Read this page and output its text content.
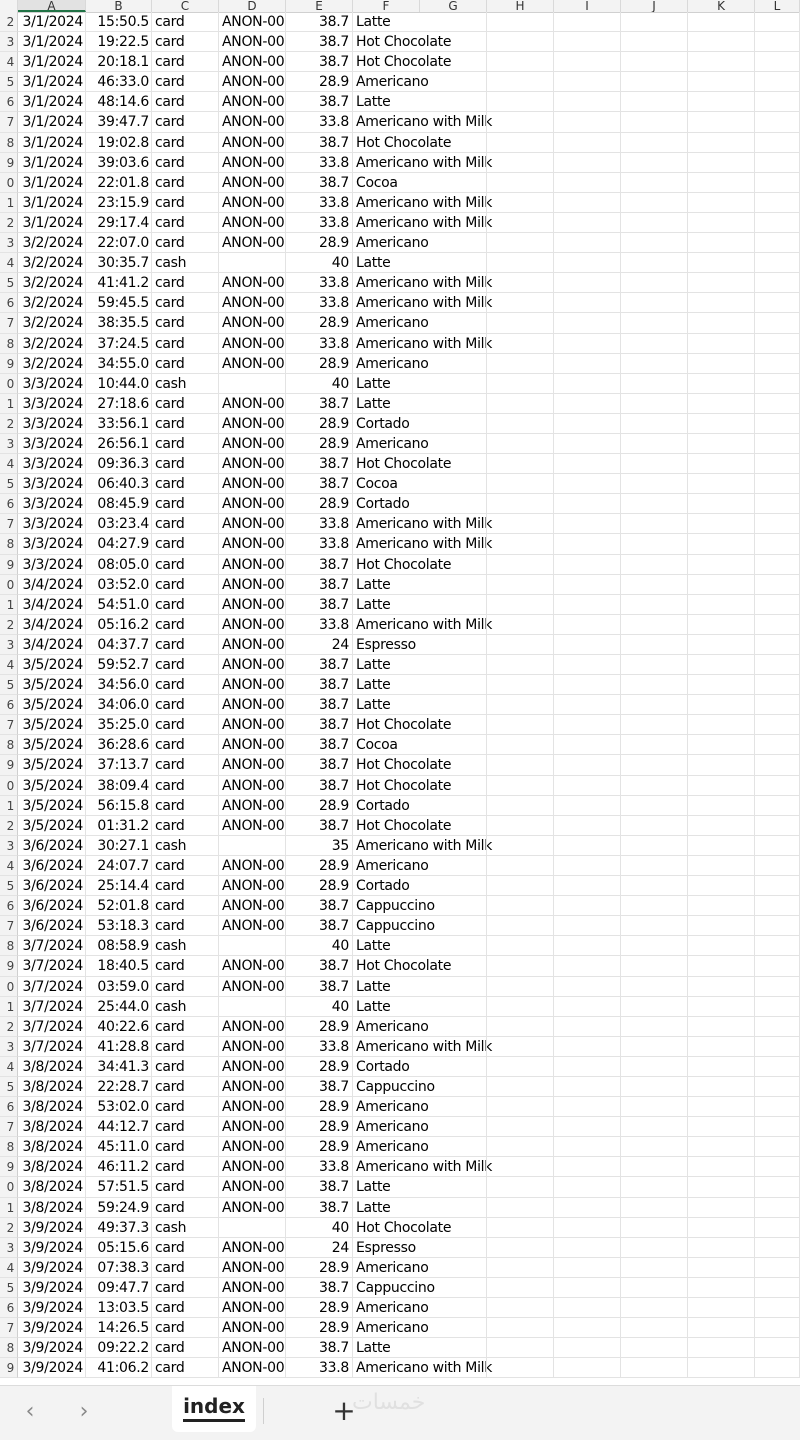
A	B	C	D	E	F	G	H	I	J	K	L
2 3/1/2024	15:50.5 card	ANON-00	38.7 Latte
3 3/1/2024	19:22.5 card	ANON-00	38.7 Hot Chocolate
4 3/1/2024	20:18.1 card	ANON-00	38.7 Hot Chocolate
5 3/1/2024	46:33.0 card	ANON-00	28.9 Americano
6 3/1/2024	48:14.6 card	ANON-00	38.7 Latte
7 3/1/2024	39:47.7 card	ANON-00	33.8 Americano with Milk
8 3/1/2024	19:02.8 card	ANON-00	38.7 Hot Chocolate
9 3/1/2024	39:03.6 card	ANON-00	33.8 Americano with Milk
0 3/1/2024	22:01.8 card	ANON-00	38.7 Cocoa
1 3/1/2024	23:15.9 card	ANON-00	33.8 Americano with Milk
2 3/1/2024	29:17.4 card	ANON-00	33.8 Americano with Milk
3 3/2/2024	22:07.0 card	ANON-00	28.9 Americano
4 3/2/2024	30:35.7 cash	40 Latte
5 3/2/2024	41:41.2 card	ANON-00	33.8 Americano with Milk
6 3/2/2024	59:45.5 card	ANON-00	33.8 Americano with Milk
7 3/2/2024	38:35.5 card	ANON-00	28.9 Americano
8 3/2/2024	37:24.5 card	ANON-00	33.8 Americano with Milk
9 3/2/2024	34:55.0 card	ANON-00	28.9 Americano
0 3/3/2024	10:44.0 cash	40 Latte
1 3/3/2024	27:18.6 card	ANON-00	38.7 Latte
2 3/3/2024	33:56.1 card	ANON-00	28.9 Cortado
3 3/3/2024	26:56.1 card	ANON-00	28.9 Americano
4 3/3/2024	09:36.3 card	ANON-00	38.7 Hot Chocolate
5 3/3/2024	06:40.3 card	ANON-00	38.7 Cocoa
6 3/3/2024	08:45.9 card	ANON-00	28.9 Cortado
7 3/3/2024	03:23.4 card	ANON-00	33.8 Americano with Milk
8 3/3/2024	04:27.9 card	ANON-00	33.8 Americano with Milk
9 3/3/2024	08:05.0 card	ANON-00	38.7 Hot Chocolate
0 3/4/2024	03:52.0 card	ANON-00	38.7 Latte
1 3/4/2024	54:51.0 card	ANON-00	38.7 Latte
2 3/4/2024	05:16.2 card	ANON-00	33.8 Americano with Milk
3 3/4/2024	04:37.7 card	ANON-00	24 Espresso
4 3/5/2024	59:52.7 card	ANON-00	38.7 Latte
5 3/5/2024	34:56.0 card	ANON-00	38.7 Latte
6 3/5/2024	34:06.0 card	ANON-00	38.7 Latte
7 3/5/2024	35:25.0 card	ANON-00	38.7 Hot Chocolate
8 3/5/2024	36:28.6 card	ANON-00	38.7 Cocoa
9 3/5/2024	37:13.7 card	ANON-00	38.7 Hot Chocolate
0 3/5/2024	38:09.4 card	ANON-00	38.7 Hot Chocolate
1 3/5/2024	56:15.8 card	ANON-00	28.9 Cortado
2 3/5/2024	01:31.2 card	ANON-00	38.7 Hot Chocolate
3 3/6/2024	30:27.1 cash	35 Americano with Milk
4 3/6/2024	24:07.7 card	ANON-00	28.9 Americano
5 3/6/2024	25:14.4 card	ANON-00	28.9 Cortado
6 3/6/2024	52:01.8 card	ANON-00	38.7 Cappuccino
7 3/6/2024	53:18.3 card	ANON-00	38.7 Cappuccino
8 3/7/2024	08:58.9 cash	40 Latte
9 3/7/2024	18:40.5 card	ANON-00	38.7 Hot Chocolate
0 3/7/2024	03:59.0 card	ANON-00	38.7 Latte
1 3/7/2024	25:44.0 cash	40 Latte
2 3/7/2024	40:22.6 card	ANON-00	28.9 Americano
3 3/7/2024	41:28.8 card	ANON-00	33.8 Americano with Milk
4 3/8/2024	34:41.3 card	ANON-00	28.9 Cortado
5 3/8/2024	22:28.7 card	ANON-00	38.7 Cappuccino
6 3/8/2024	53:02.0 card	ANON-00	28.9 Americano
7 3/8/2024	44:12.7 card	ANON-00	28.9 Americano
8 3/8/2024	45:11.0 card	ANON-00	28.9 Americano
9 3/8/2024	46:11.2 card	ANON-00	33.8 Americano with Milk
0 3/8/2024	57:51.5 card	ANON-00	38.7 Latte
1 3/8/2024	59:24.9 card	ANON-00	38.7 Latte
2 3/9/2024	49:37.3 cash	40 Hot Chocolate
3 3/9/2024	05:15.6 card	ANON-00	24 Espresso
4 3/9/2024	07:38.3 card	ANON-00	28.9 Americano
5 3/9/2024	09:47.7 card	ANON-00	38.7 Cappuccino
6 3/9/2024	13:03.5 card	ANON-00	28.9 Americano
7 3/9/2024	14:26.5 card	ANON-00	28.9 Americano
8 3/9/2024	09:22.2 card	ANON-00	38.7 Latte
9 3/9/2024	41:06.2 card	ANON-00	33.8 Americano with Milk
‹	›	index	+
خمسات
